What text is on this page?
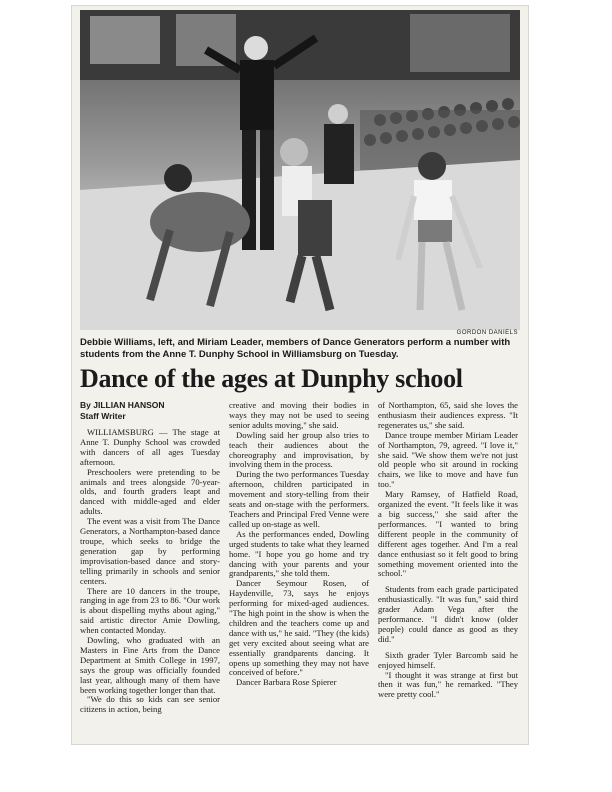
GORDON DANIELS
Debbie Williams, left, and Miriam Leader, members of Dance Generators perform a number with students from the Anne T. Dunphy School in Williamsburg on Tuesday.
Dance of the ages at Dunphy school
By JILLIAN HANSON
Staff Writer

WILLIAMSBURG — The stage at Anne T. Dunphy School was crowded with dancers of all ages Tuesday afternoon.

Preschoolers were pretending to be animals and trees alongside 70-year-olds, and fourth graders leapt and danced with middle-aged and elder adults.

The event was a visit from The Dance Generators, a Northampton-based dance troupe, which seeks to bridge the generation gap by performing improvisation-based dance and story-telling primarily in schools and senior centers.

There are 10 dancers in the troupe, ranging in age from 23 to 86. "Our work is about dispelling myths about aging," said artistic director Amie Dowling, when contacted Monday.

Dowling, who graduated with an Masters in Fine Arts from the Dance Department at Smith College in 1997, says the group was officially founded last year, although many of them have been working together longer than that.

"We do this so kids can see senior citizens in action, being

creative and moving their bodies in ways they may not be used to seeing senior adults moving," she said.

Dowling said her group also tries to teach their audiences about the choreography and improvisation, by involving them in the process.

During the two performances Tuesday afternoon, children participated in movement and story-telling from their seats and on-stage with the performers. Teachers and Principal Fred Venne were called up on-stage as well.

As the performances ended, Dowling urged students to take what they learned home. "I hope you go home and try dancing with your parents and your grandparents," she told them.

Dancer Seymour Rosen, of Haydenville, 73, says he enjoys performing for mixed-aged audiences. "The high point in the show is when the children and the teachers come up and dance with us," he said. "They (the kids) get very excited about seeing what are essentially grandparents dancing. It opens up something they may not have conceived of before."

Dancer Barbara Rose Spierer

of Northampton, 65, said she loves the enthusiasm their audiences express. "It regenerates us," she said.

Dance troupe member Miriam Leader of Northampton, 79, agreed. "I love it," she said. "We show them we're not just old people who sit around in rocking chairs, we like to move and have fun too."

Mary Ramsey, of Hatfield Road, organized the event. "It feels like it was a big success," she said after the performances. "I wanted to bring different people in the community of different ages together. And I'm a real dance enthusiast so it felt good to bring something movement oriented into the school."

Students from each grade participated enthusiastically. "It was fun," said third grader Adam Vega after the performance. "I didn't know (older people) could dance as good as they did."

Sixth grader Tyler Barcomb said he enjoyed himself.

"I thought it was strange at first but then it was fun," he remarked. "They were pretty cool."
